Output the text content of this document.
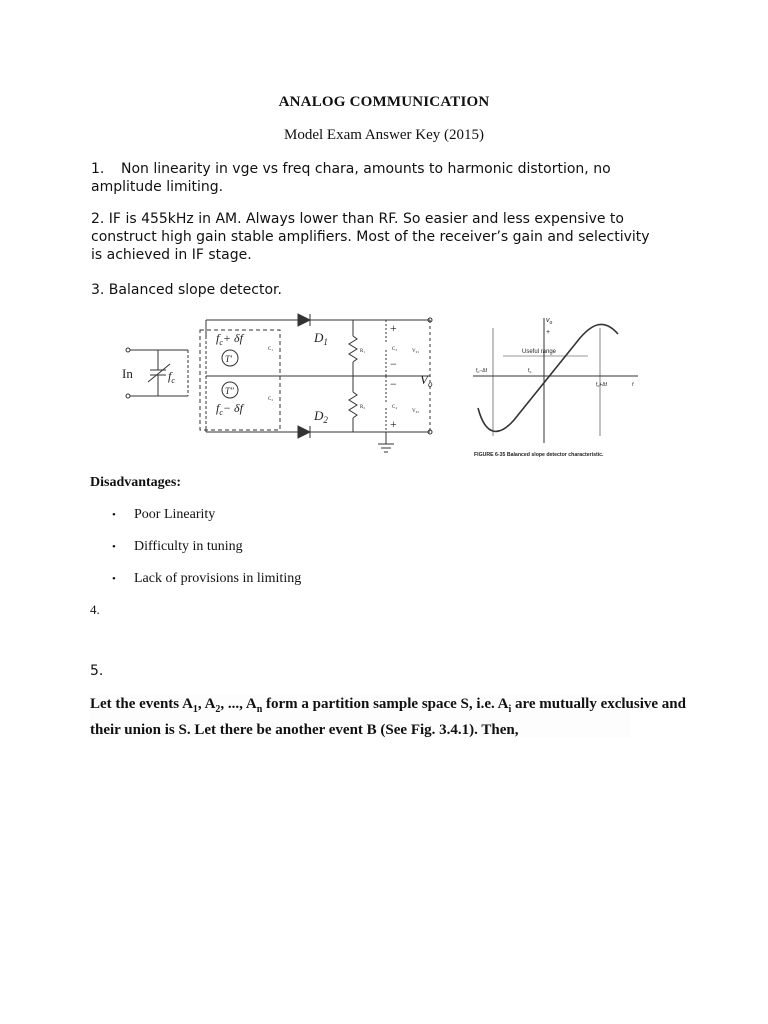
ANALOG COMMUNICATION
Model Exam Answer Key (2015)
1. Non linearity in vge vs freq chara, amounts to harmonic distortion, no amplitude limiting.
2. IF is 455kHz in AM. Always lower than RF. So easier and less expensive to construct high gain stable amplifiers. Most of the receiver’s gain and selectivity is achieved in IF stage.
3. Balanced slope detector.
In	$f_c$
$f_c+ \delta f$
$f_c- \delta f$
T′
T″
$D_1$
$D_2$
R₁
R₂
C₃
C₄
C₁
C₂
V₀₁
V₀₂
+
−
−
+
$V_o$
$v_o$
+
Useful range
$f_c-\Delta f$	$f_c$
$f_c+\Delta f$	f
FIGURE 6-35 Balanced slope detector characteristic.
Disadvantages:
• Poor Linearity
• Difficulty in tuning
• Lack of provisions in limiting
4.
5.
Let the events $A_1$, $A_2$, ..., $A_n$ form a partition sample space S, i.e. $A_i$ are mutually exclusive and
their union is S. Let there be another event B (See Fig. 3.4.1). Then,
